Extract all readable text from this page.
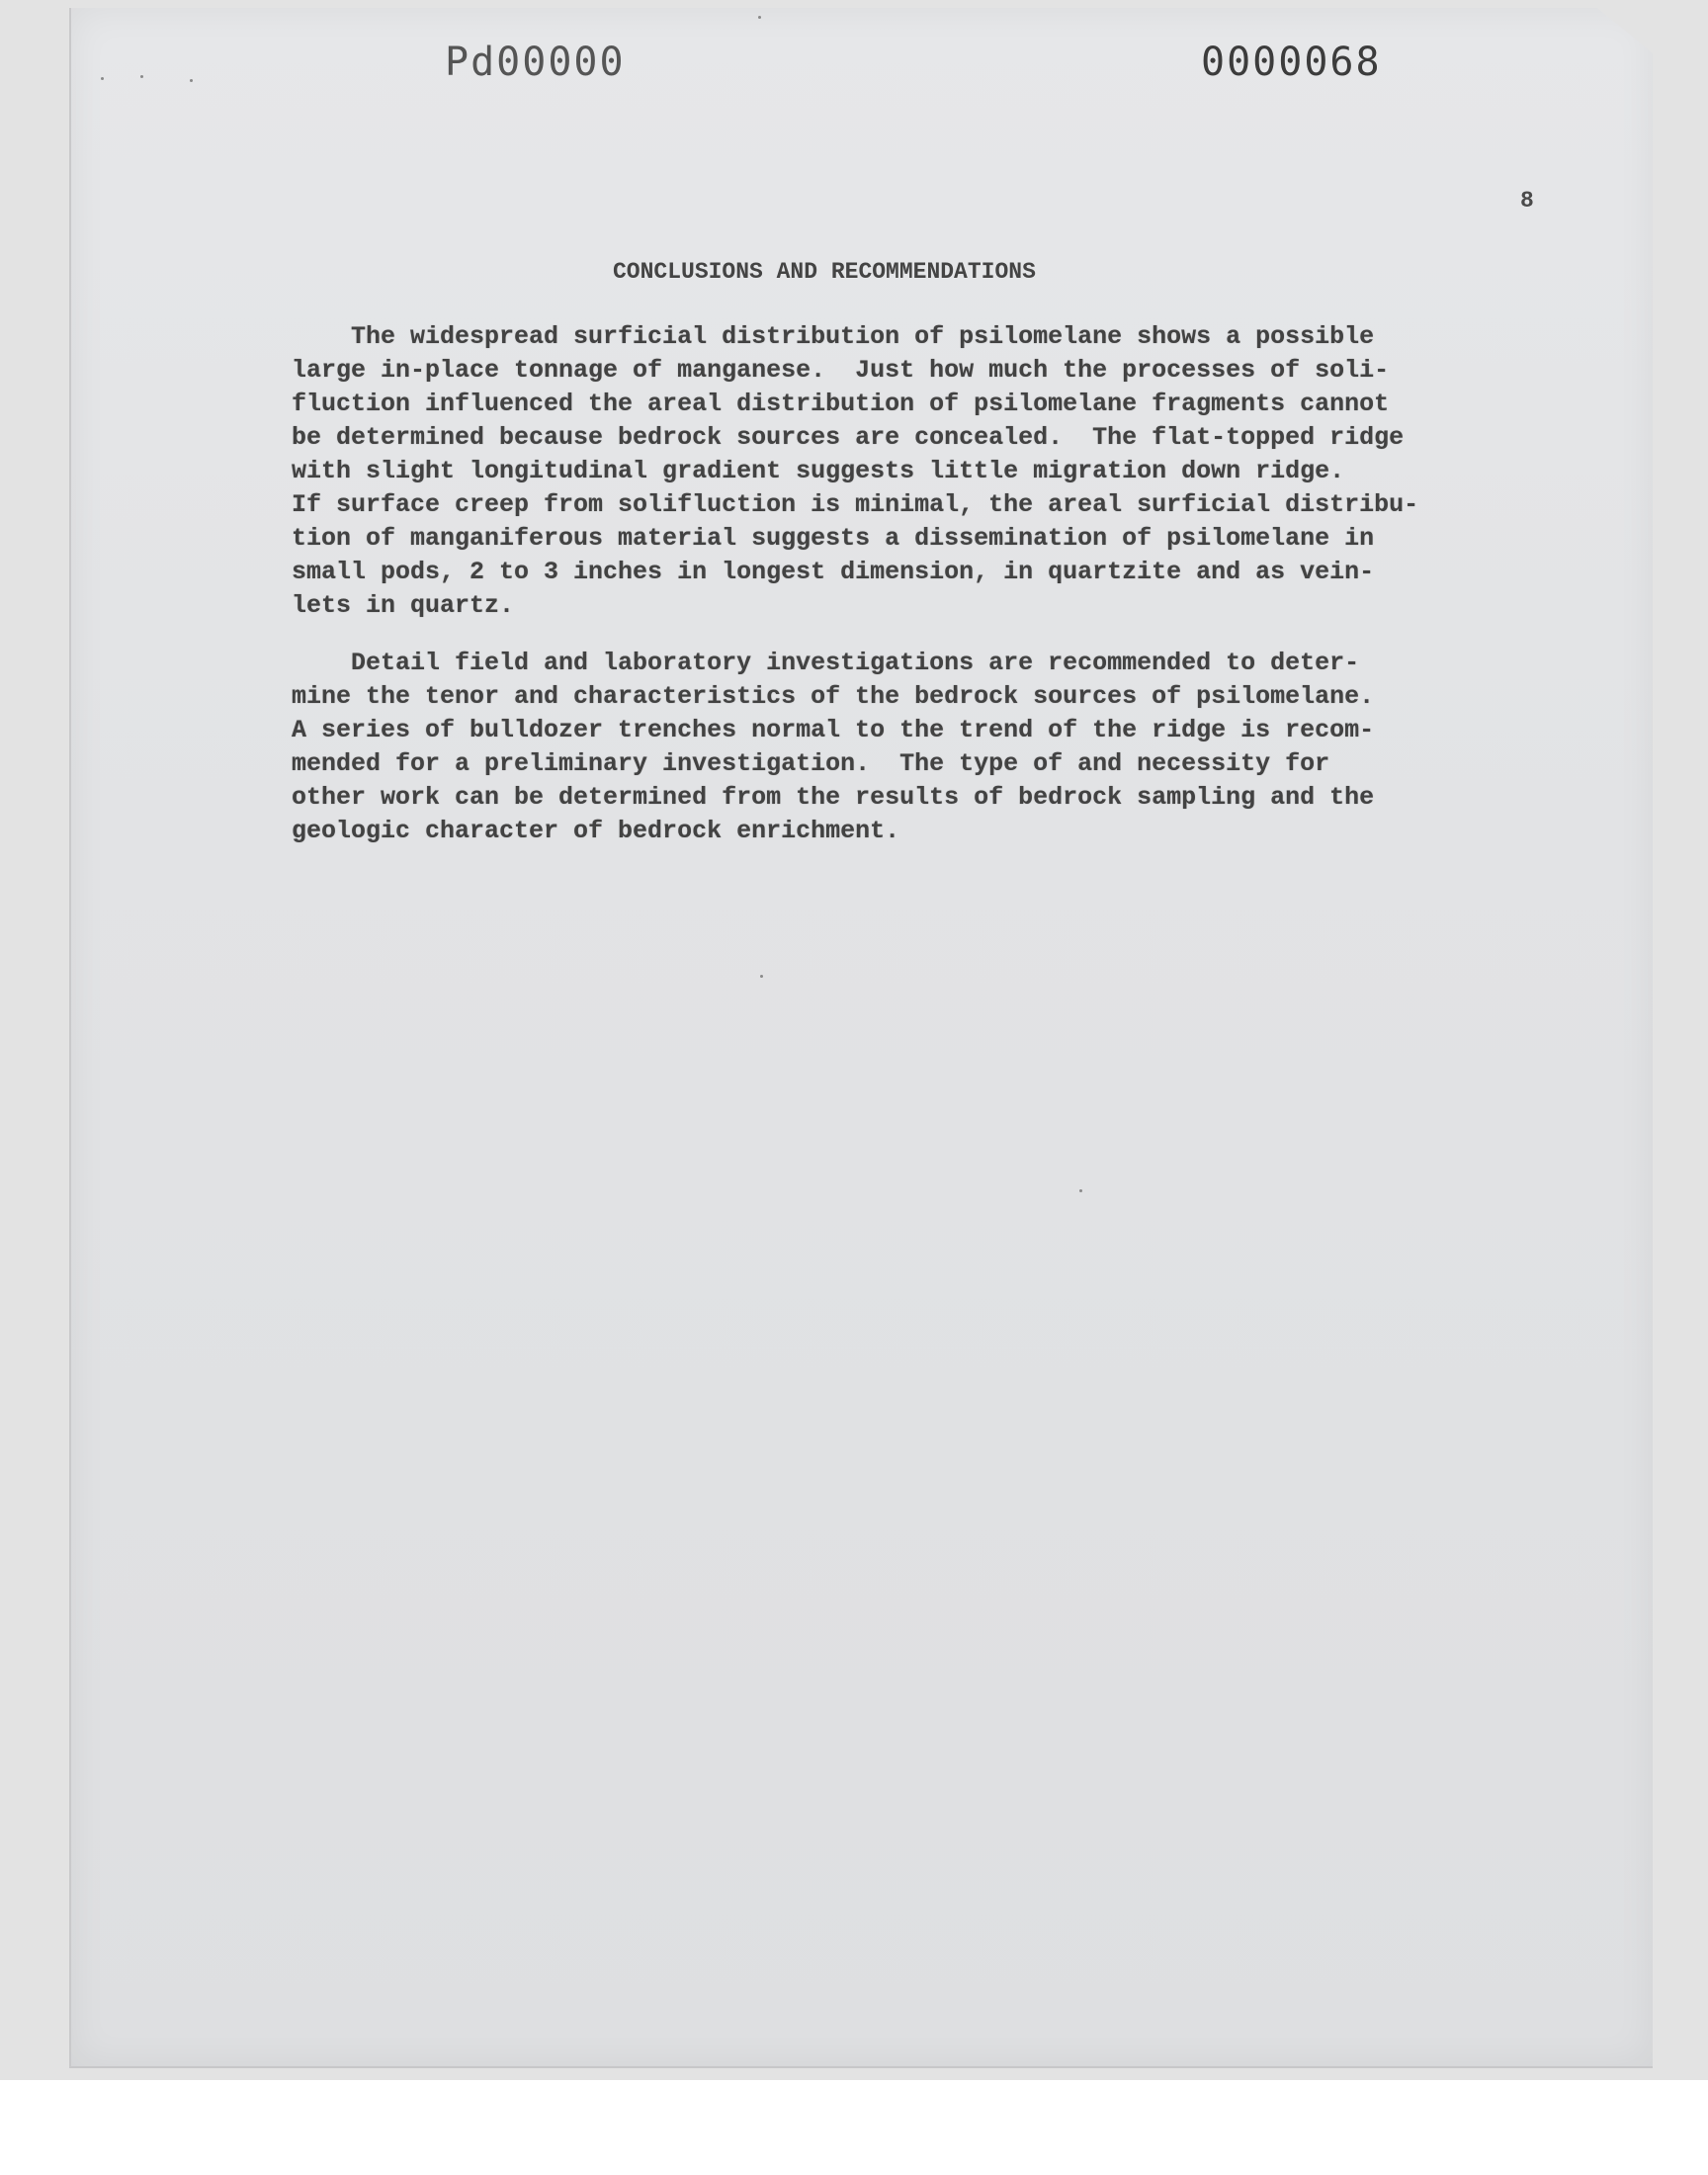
Pd00000	0000068
8
CONCLUSIONS AND RECOMMENDATIONS
The widespread surficial distribution of psilomelane shows a possible
large in-place tonnage of manganese.  Just how much the processes of soli-
fluction influenced the areal distribution of psilomelane fragments cannot
be determined because bedrock sources are concealed.  The flat-topped ridge
with slight longitudinal gradient suggests little migration down ridge.
If surface creep from solifluction is minimal, the areal surficial distribu-
tion of manganiferous material suggests a dissemination of psilomelane in
small pods, 2 to 3 inches in longest dimension, in quartzite and as vein-
lets in quartz.
Detail field and laboratory investigations are recommended to deter-
mine the tenor and characteristics of the bedrock sources of psilomelane.
A series of bulldozer trenches normal to the trend of the ridge is recom-
mended for a preliminary investigation.  The type of and necessity for
other work can be determined from the results of bedrock sampling and the
geologic character of bedrock enrichment.
